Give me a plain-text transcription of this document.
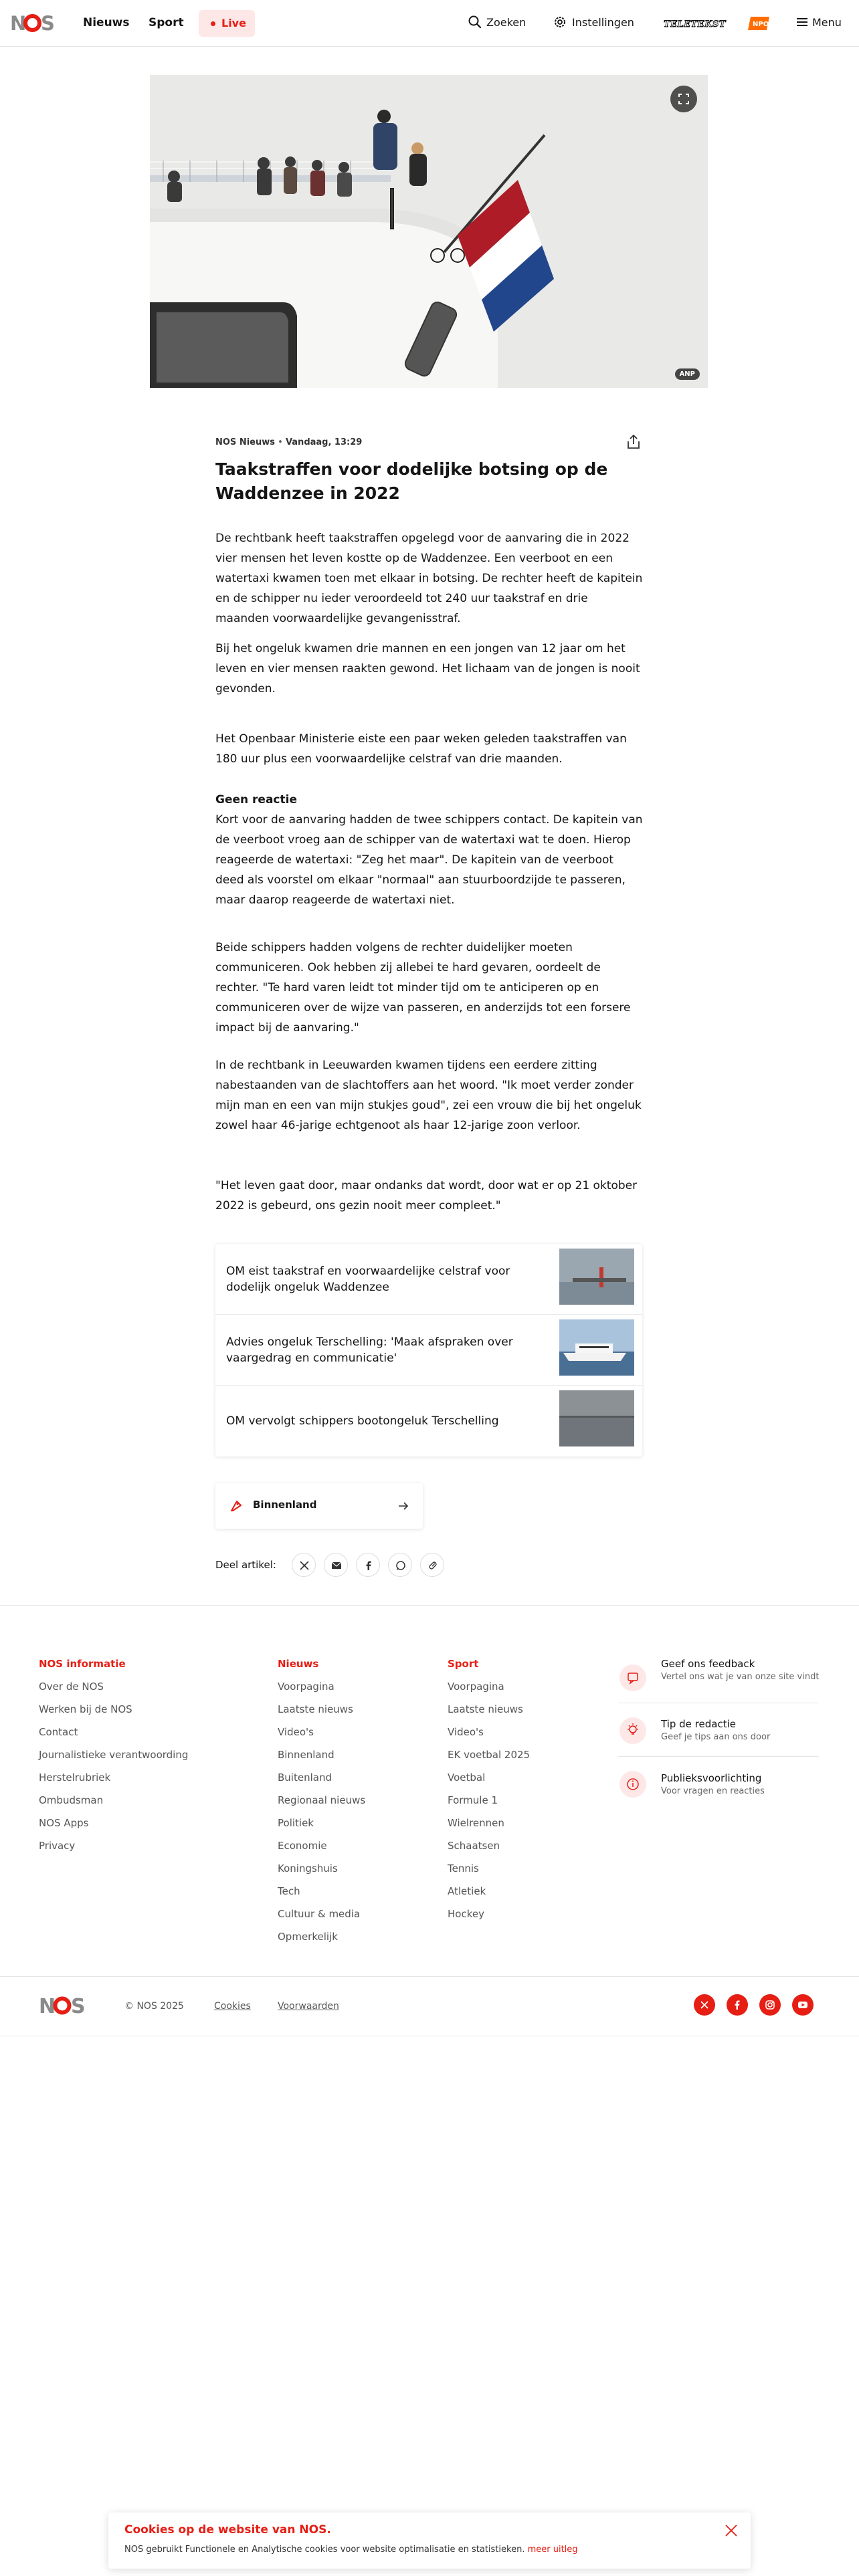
N S Nieuws Sport	Live	Zoeken	Instellingen	TELETEKST	NPO	Menu
ANP
NOS Nieuws • Vandaag, 13:29
Taakstraffen voor dodelijke botsing op de Waddenzee in 2022

De rechtbank heeft taakstraffen opgelegd voor de aanvaring die in 2022 vier mensen het leven kostte op de Waddenzee. Een veerboot en een watertaxi kwamen toen met elkaar in botsing. De rechter heeft de kapitein en de schipper nu ieder veroordeeld tot 240 uur taakstraf en drie maanden voorwaardelijke gevangenisstraf.

Bij het ongeluk kwamen drie mannen en een jongen van 12 jaar om het leven en vier mensen raakten gewond. Het lichaam van de jongen is nooit gevonden.

Het Openbaar Ministerie eiste een paar weken geleden taakstraffen van 180 uur plus een voorwaardelijke celstraf van drie maanden.

Geen reactie

Kort voor de aanvaring hadden de twee schippers contact. De kapitein van de veerboot vroeg aan de schipper van de watertaxi wat te doen. Hierop reageerde de watertaxi: "Zeg het maar". De kapitein van de veerboot deed als voorstel om elkaar "normaal" aan stuurboordzijde te passeren, maar daarop reageerde de watertaxi niet.

Beide schippers hadden volgens de rechter duidelijker moeten communiceren. Ook hebben zij allebei te hard gevaren, oordeelt de rechter. "Te hard varen leidt tot minder tijd om te anticiperen op en communiceren over de wijze van passeren, en anderzijds tot een forsere impact bij de aanvaring."

In de rechtbank in Leeuwarden kwamen tijdens een eerdere zitting nabestaanden van de slachtoffers aan het woord. "Ik moet verder zonder mijn man en een van mijn stukjes goud", zei een vrouw die bij het ongeluk zowel haar 46-jarige echtgenoot als haar 12-jarige zoon verloor.

"Het leven gaat door, maar ondanks dat wordt, door wat er op 21 oktober 2022 is gebeurd, ons gezin nooit meer compleet."

OM eist taakstraf en voorwaardelijke celstraf voor dodelijk ongeluk Waddenzee
Advies ongeluk Terschelling: 'Maak afspraken over vaargedrag en communicatie'
OM vervolgt schippers bootongeluk Terschelling
Binnenland
Deel artikel:
NOS informatie
Over de NOS
Werken bij de NOS
Contact
Journalistieke verantwoording
Herstelrubriek
Ombudsman
NOS Apps
Privacy
Nieuws
Voorpagina
Laatste nieuws
Video's
Binnenland
Buitenland
Regionaal nieuws
Politiek
Economie
Koningshuis
Tech
Cultuur & media
Opmerkelijk
Sport
Voorpagina
Laatste nieuws
Video's
EK voetbal 2025
Voetbal
Formule 1
Wielrennen
Schaatsen
Tennis
Atletiek
Hockey
Geef ons feedback
Vertel ons wat je van onze site vindt
Tip de redactie
Geef je tips aan ons door
Publieksvoorlichting
Voor vragen en reacties
N S	© NOS 2025	Cookies	Voorwaarden
Cookies op de website van NOS.
NOS gebruikt Functionele en Analytische cookies voor website optimalisatie en statistieken. meer uitleg
